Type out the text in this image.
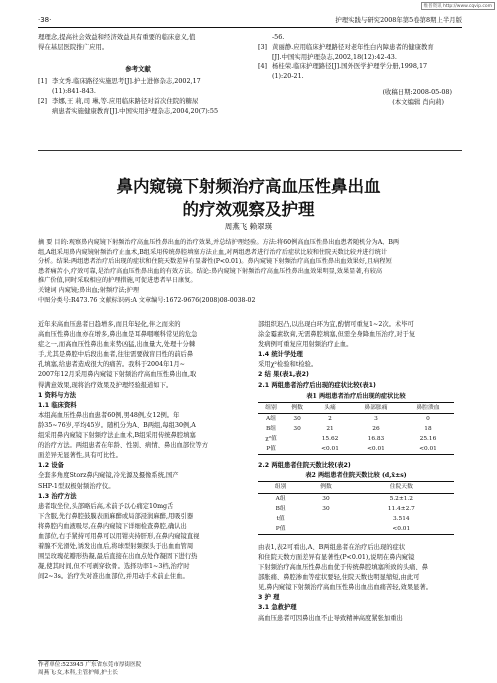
维普资讯 http://www.cqvip.com
·38·	护理实践与研究2008年第5卷第8期上半月版
理理念,提高社会效益和经济效益具有重要的临床意义,值
得在基层医院推广应用。
参考文献
[1] 李文秀.临床路径实施思考[J].护士进修杂志,2002,17
(11):841-843.
[2] 李娜,王 莉,司 琳,等.应用临床路径对首次住院的糖尿
病患者实施健康教育[J].中国实用护理杂志,2004,20(7):55
-56.
[3] 黄丽静.应用临床护理路径对老年性白内障患者的健康教育
[J].中国实用护理杂志,2002,18(12):42-43.
[4] 杨桂荣.临床护理路径[J].国外医学护理学分册,1998,17
(1):20-21.
(收稿日期:2008-05-08)
(本文编辑 肖向莉)
鼻内窥镜下射频治疗高血压性鼻出血
的疗效观察及护理
周燕飞 赖翠瑛
摘 要 目的:观察鼻内窥镜下射频治疗高血压性鼻出血的治疗效果,并总结护理经验。方法:将60例高血压性鼻出血患者随机分为A、B两
组,A组采用鼻内窥镜射频治疗止血术,B组采用传统鼻腔填塞方法止血,对两组患者进行治疗后症状比较和住院天数比较并进行统计
分析。结果:两组患者治疗后出现的症状和住院天数差异有显著性(P<0.01)。鼻内窥镜下射频治疗高血压性鼻出血效果好,且病程短
患者痛苦小,疗效可靠,是治疗高血压性鼻出血的有效方法。结论:鼻内窥镜下射频治疗高血压性鼻出血效果明显,效果显著,有较高
推广价值,同时采取相应的护理措施,可促进患者早日康复。
关键词 内窥镜;鼻出血;射频疗法;护理
中图分类号:R473.76 文献标识码:A 文章编号:1672-9676(2008)08-0038-02
近年来高血压患者日趋增多,而且年轻化,伴之而来的
高血压性鼻出血亦在增多,鼻出血是耳鼻咽喉科常见的危急
症之一,而高血压性鼻出血来势凶猛,出血量大,处理十分棘
手,尤其是鼻腔中后段出血者,往往需要做盲目性的前后鼻
孔填塞,给患者造成很大的痛苦。我科于2004年1月~
2007年12月采用鼻内窥镜下射频治疗高血压性鼻出血,取
得满意效果,现将治疗效果及护理经验报道如下。
1 资料与方法
1.1 临床资料
本组高血压性鼻出血患者60例,男48例,女12例。年
龄35~76岁,平均45岁。随机分为A、B两组,每组30例,A
组采用鼻内窥镜下射频疗法止血术,B组采用传统鼻腔填塞
的治疗方法。两组患者在年龄、性别、病情、鼻出血部位等方
面差异无显著性,具有可比性。
1.2 设备
全套多角度Storz鼻内窥镜,冷光源及摄像系统,国产
SHP-1型双极射频治疗仪。
1.3 治疗方法
患者取坐位,头部略后高,术前予以心痛定10mg舌
下含服,先行鼻腔鼓膜表面麻醉或局部浸润麻醉,用吸引器
将鼻腔内血液吸尽,在鼻内窥镜下详细检查鼻腔,确认出
血部位,右手紧持可用鼻可以用钳夹持肝形,在鼻内窥镜直视
着腺不光滑处,诱发出血后,将球型射频探头于出血血管周
围呈玫瑰花瓣形热凝,最后直接在出血点处作凝固下进行热
凝,使其时间,但不可剥穿软骨。选择功率1~3档,治疗时
间2~3s。治疗失对准出血部位,并用动手术前止住血。
作者单位:523945 广东省东莞市厚街医院
周燕飞:女,本科,主管护师,护士长
部组织迟凸,以出现白环为宜,酌情可重复1~2次。术毕可
涂金霉素软膏,无需鼻腔填塞,但需全身降血压治疗,对于复
发病例可重复应用射频治疗止血。
1.4 统计学处理
采用χ²检验和t检验。
2 结 果(表1,表2)
2.1 两组患者治疗后出现的症状比较(表1)
表1 两组患者治疗后出现的症状比较
组别	例数	头痛	鼻部胀痛	鼻腔溃血
A组	30	2	3	0
B组	30	21	26	18
χ²值		15.62	16.83	25.16
P值		<0.01	<0.01	<0.01
2.2 两组患者住院天数比较(表2)
表2 两组患者住院天数比较 (d,x̄±s)
组别	例数	住院天数
A组	30	5.2±1.2
B组	30	11.4±2.7
t值		3.514
P值		<0.01
由表1,表2可看出,A、B两组患者在治疗后出现的症状
和住院天数方面差异有显著性(P<0.01),说明在鼻内窥镜
下射频治疗高血压性鼻出血优于传统鼻腔填塞所致的头痛、鼻
部胀痛、鼻腔渗血等症状要轻,住院天数也明显缩短,由此可
见,鼻内窥镜下射频治疗高血压性鼻出血出血痛苦轻,效果显著。
3 护 理
3.1 急救护理
高血压患者可因鼻出血不止导致精神高度紧张加重出
